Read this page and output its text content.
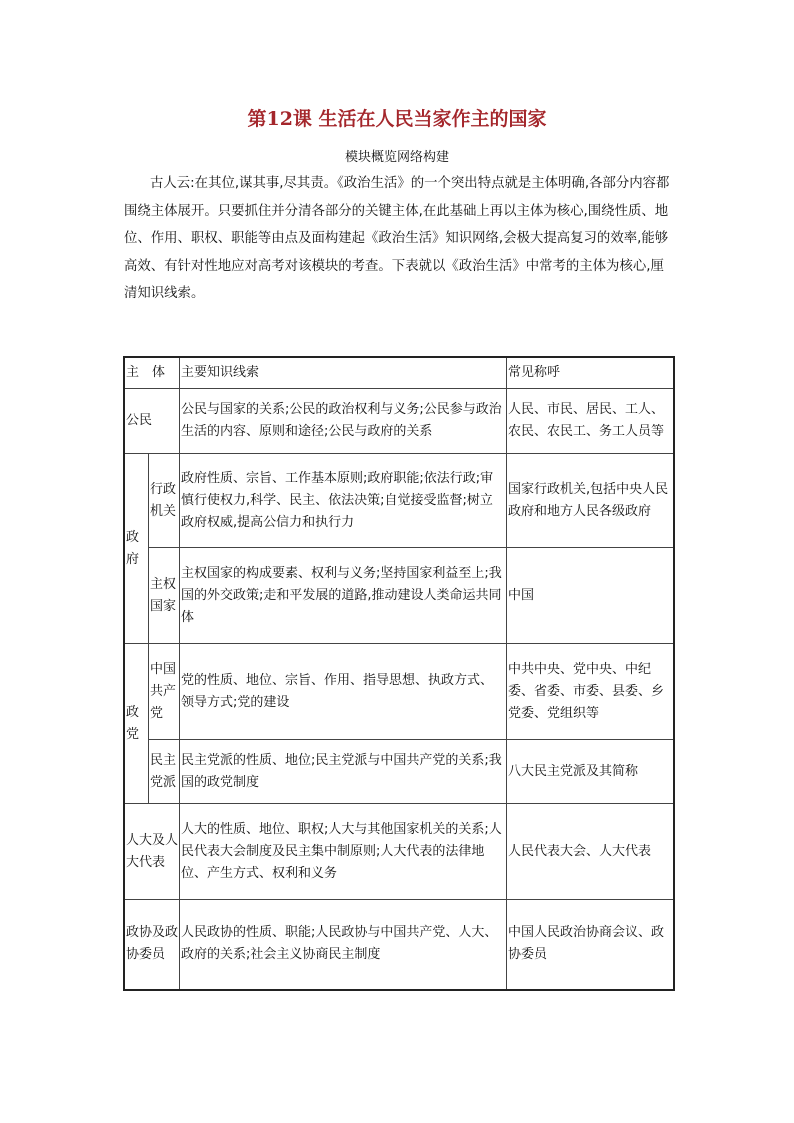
第12课 生活在人民当家作主的国家
模块概览网络构建

古人云:在其位,谋其事,尽其责。《政治生活》的一个突出特点就是主体明确,各部分内容都围绕主体展开。只要抓住并分清各部分的关键主体,在此基础上再以主体为核心,围绕性质、地位、作用、职权、职能等由点及面构建起《政治生活》知识网络,会极大提高复习的效率,能够高效、有针对性地应对高考对该模块的考查。下表就以《政治生活》中常考的主体为核心,厘清知识线索。

主　体		主要知识线索	常见称呼
公民		公民与国家的关系;公民的政治权利与义务;公民参与政治生活的内容、原则和途径;公民与政府的关系	人民、市民、居民、工人、农民、农民工、务工人员等
政府	行政机关	政府性质、宗旨、工作基本原则;政府职能;依法行政;审慎行使权力,科学、民主、依法决策;自觉接受监督;树立政府权威,提高公信力和执行力	国家行政机关,包括中央人民政府和地方人民各级政府
	主权国家	主权国家的构成要素、权利与义务;坚持国家利益至上;我国的外交政策;走和平发展的道路,推动建设人类命运共同体	中国
政党	中国共产党	党的性质、地位、宗旨、作用、指导思想、执政方式、领导方式;党的建设	中共中央、党中央、中纪委、省委、市委、县委、乡党委、党组织等
	民主党派	民主党派的性质、地位;民主党派与中国共产党的关系;我国的政党制度	八大民主党派及其简称
人大及人大代表		人大的性质、地位、职权;人大与其他国家机关的关系;人民代表大会制度及民主集中制原则;人大代表的法律地位、产生方式、权利和义务	人民代表大会、人大代表
政协及政协委员		人民政协的性质、职能;人民政协与中国共产党、人大、政府的关系;社会主义协商民主制度	中国人民政治协商会议、政协委员
